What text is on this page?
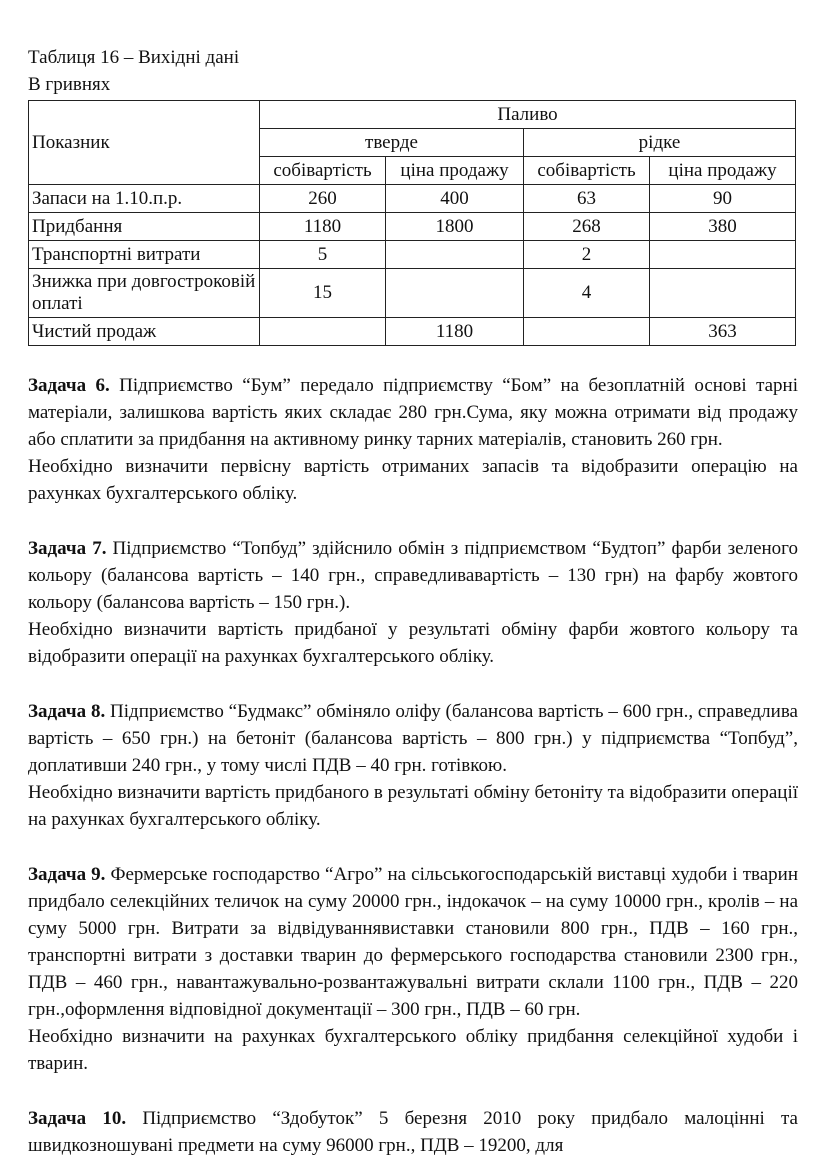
Таблиця 16 – Вихідні дані

В гривнях

Показник	Паливо			
	тверде		рідке	
	собівартість	ціна продажу	собівартість	ціна продажу
Запаси на 1.10.п.р.	260	400	63	90
Придбання	1180	1800	268	380
Транспортні витрати	5		2	
Знижка при довгостроковій оплаті	15		4	
Чистий продаж		1180		363

Задача 6. Підприємство “Бум” передало підприємству “Бом” на безоплатній основі тарні матеріали, залишкова вартість яких складає 280 грн.Сума, яку можна отримати від продажу або сплатити за придбання на активному ринку тарних матеріалів, становить 260 грн.

Необхідно визначити первісну вартість отриманих запасів та відобразити операцію на рахунках бухгалтерського обліку.

Задача 7. Підприємство “Топбуд” здійснило обмін з підприємством “Будтоп” фарби зеленого кольору (балансова вартість – 140 грн., справедливавартість – 130 грн) на фарбу жовтого кольору (балансова вартість – 150 грн.).

Необхідно визначити вартість придбаної у результаті обміну фарби жовтого кольору та відобразити операції на рахунках бухгалтерського обліку.

Задача 8. Підприємство “Будмакс” обміняло оліфу (балансова вартість – 600 грн., справедлива вартість – 650 грн.) на бетоніт (балансова вартість – 800 грн.) у підприємства “Топбуд”, доплативши 240 грн., у тому числі ПДВ – 40 грн. готівкою.

Необхідно визначити вартість придбаного в результаті обміну бетоніту та відобразити операції на рахунках бухгалтерського обліку.

Задача 9. Фермерське господарство “Агро” на сільськогосподарській виставці худоби і тварин придбало селекційних теличок на суму 20000 грн., індокачок – на суму 10000 грн., кролів – на суму 5000 грн. Витрати за відвідуваннявиставки становили 800 грн., ПДВ – 160 грн., транспортні витрати з доставки тварин до фермерського господарства становили 2300 грн., ПДВ – 460 грн., навантажувально-розвантажувальні витрати склали 1100 грн., ПДВ – 220 грн.,оформлення відповідної документації – 300 грн., ПДВ – 60 грн.

Необхідно визначити на рахунках бухгалтерського обліку придбання селекційної худоби і тварин.

Задача 10. Підприємство “Здобуток” 5 березня 2010 року придбало малоцінні та швидкозношувані предмети на суму 96000 грн., ПДВ – 19200, для
